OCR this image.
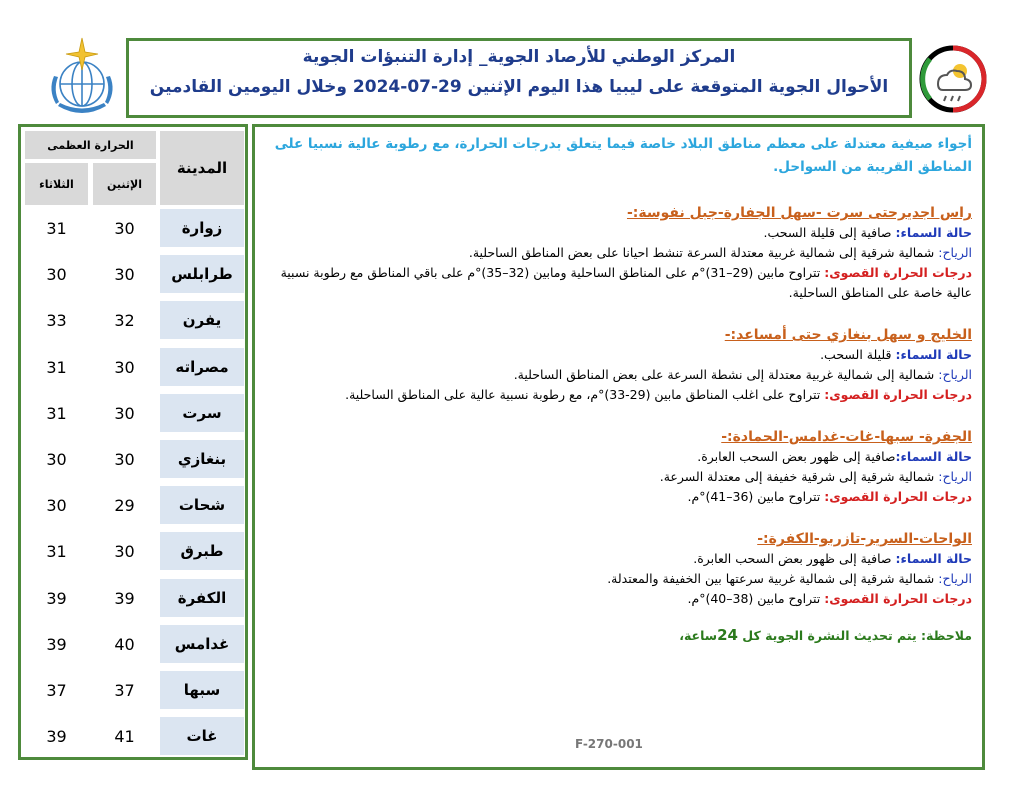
المركز الوطني للأرصاد الجوية_ إدارة التنبؤات الجوية
الأحوال الجوية المتوقعة على ليبيا هذا اليوم الإثنين 29-07-2024 وخلال اليومين القادمين
المدينة
الحرارة العظمى
الإثنين
الثلاثاء
زوارة
30
31
طرابلس
30
30
يفرن
32
33
مصراته
30
31
سرت
30
31
بنغازي
30
30
شحات
29
30
طبرق
30
31
الكفرة
39
39
غدامس
40
39
سبها
37
37
غات
41
39
أجواء صيفية معتدلة على معظم مناطق البلاد خاصة فيما يتعلق بدرجات الحرارة، مع رطوبة عالية نسبيا على المناطق القريبة من السواحل.
راس اجديرحتى سرت -سهل الجفارة-جبل نفوسة:-
حالة السماء: صافية إلى قليلة السحب.
الرياح: شمالية شرقية إلى شمالية غربية معتدلة السرعة تنشط احيانا على بعض المناطق الساحلية.
درجات الحرارة القصوى: تتراوح مابين (29–31)°م على المناطق الساحلية ومابين (32–35)°م على باقي المناطق مع رطوبة نسبية عالية خاصة على المناطق الساحلية.
الخليج و سهل بنغازي حتى أمساعد:-
حالة السماء: قليلة السحب.
الرياح: شمالية إلى شمالية غربية معتدلة إلى نشطة السرعة على بعض المناطق الساحلية.
درجات الحرارة القصوى: تتراوح على اغلب المناطق مابين (29-33)°م، مع رطوبة نسبية عالية على المناطق الساحلية.
الجفرة- سبها-غات-غدامس-الحمادة:-
حالة السماء:صافية إلى ظهور بعض السحب العابرة.
الرياح: شمالية شرقية إلى شرقية خفيفة إلى معتدلة السرعة.
درجات الحرارة القصوى: تتراوح مابين (36–41)°م.
الواحات-السرير-تازربو-الكفرة:-
حالة السماء: صافية إلى ظهور بعض السحب العابرة.
الرياح: شمالية شرقية إلى شمالية غربية سرعتها بين الخفيفة والمعتدلة.
درجات الحرارة القصوى: تتراوح مابين (38–40)°م.
ملاحظة: يتم تحديث النشرة الجوية كل 24ساعة،
F-270-001
